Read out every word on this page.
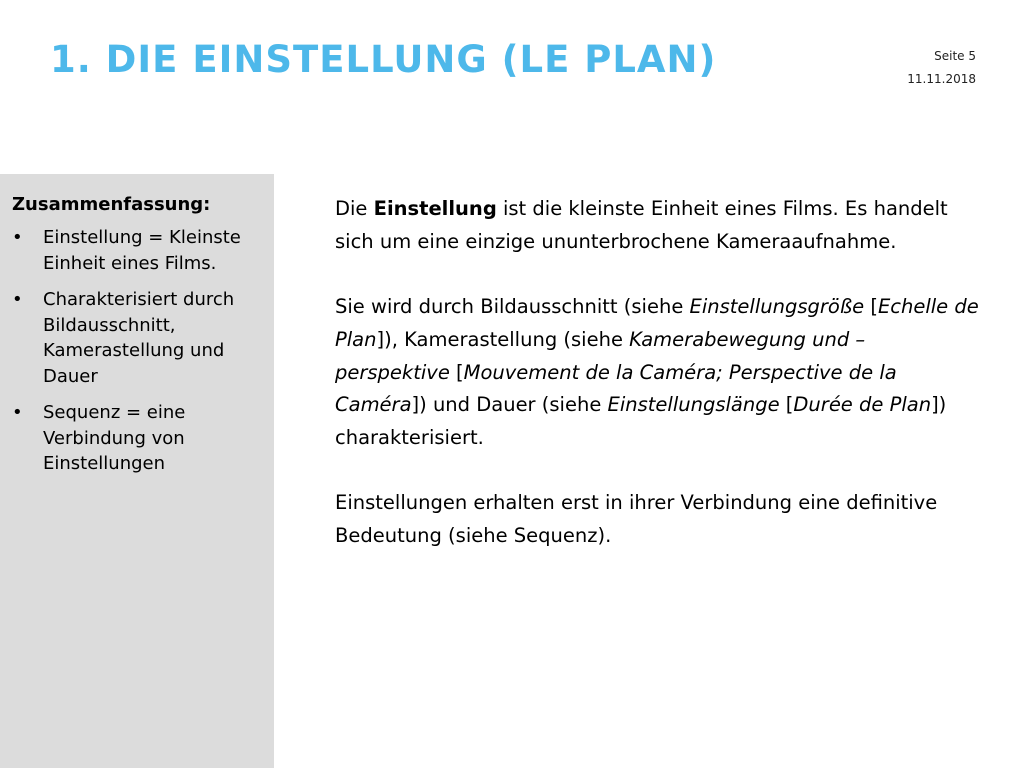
1. DIE EINSTELLUNG (LE PLAN)	Seite 5
11.11.2018
Zusammenfassung:
• Einstellung = Kleinste Einheit eines Films.
• Charakterisiert durch Bildausschnitt, Kamerastellung und Dauer
• Sequenz = eine Verbindung von Einstellungen

Die Einstellung ist die kleinste Einheit eines Films. Es handelt sich um eine einzige ununterbrochene Kameraaufnahme.

Sie wird durch Bildausschnitt (siehe Einstellungsgröße [Echelle de Plan]), Kamerastellung (siehe Kamerabewegung und – perspektive [Mouvement de la Caméra; Perspective de la Caméra]) und Dauer (siehe Einstellungslänge [Durée de Plan]) charakterisiert.

Einstellungen erhalten erst in ihrer Verbindung eine definitive Bedeutung (siehe Sequenz).
